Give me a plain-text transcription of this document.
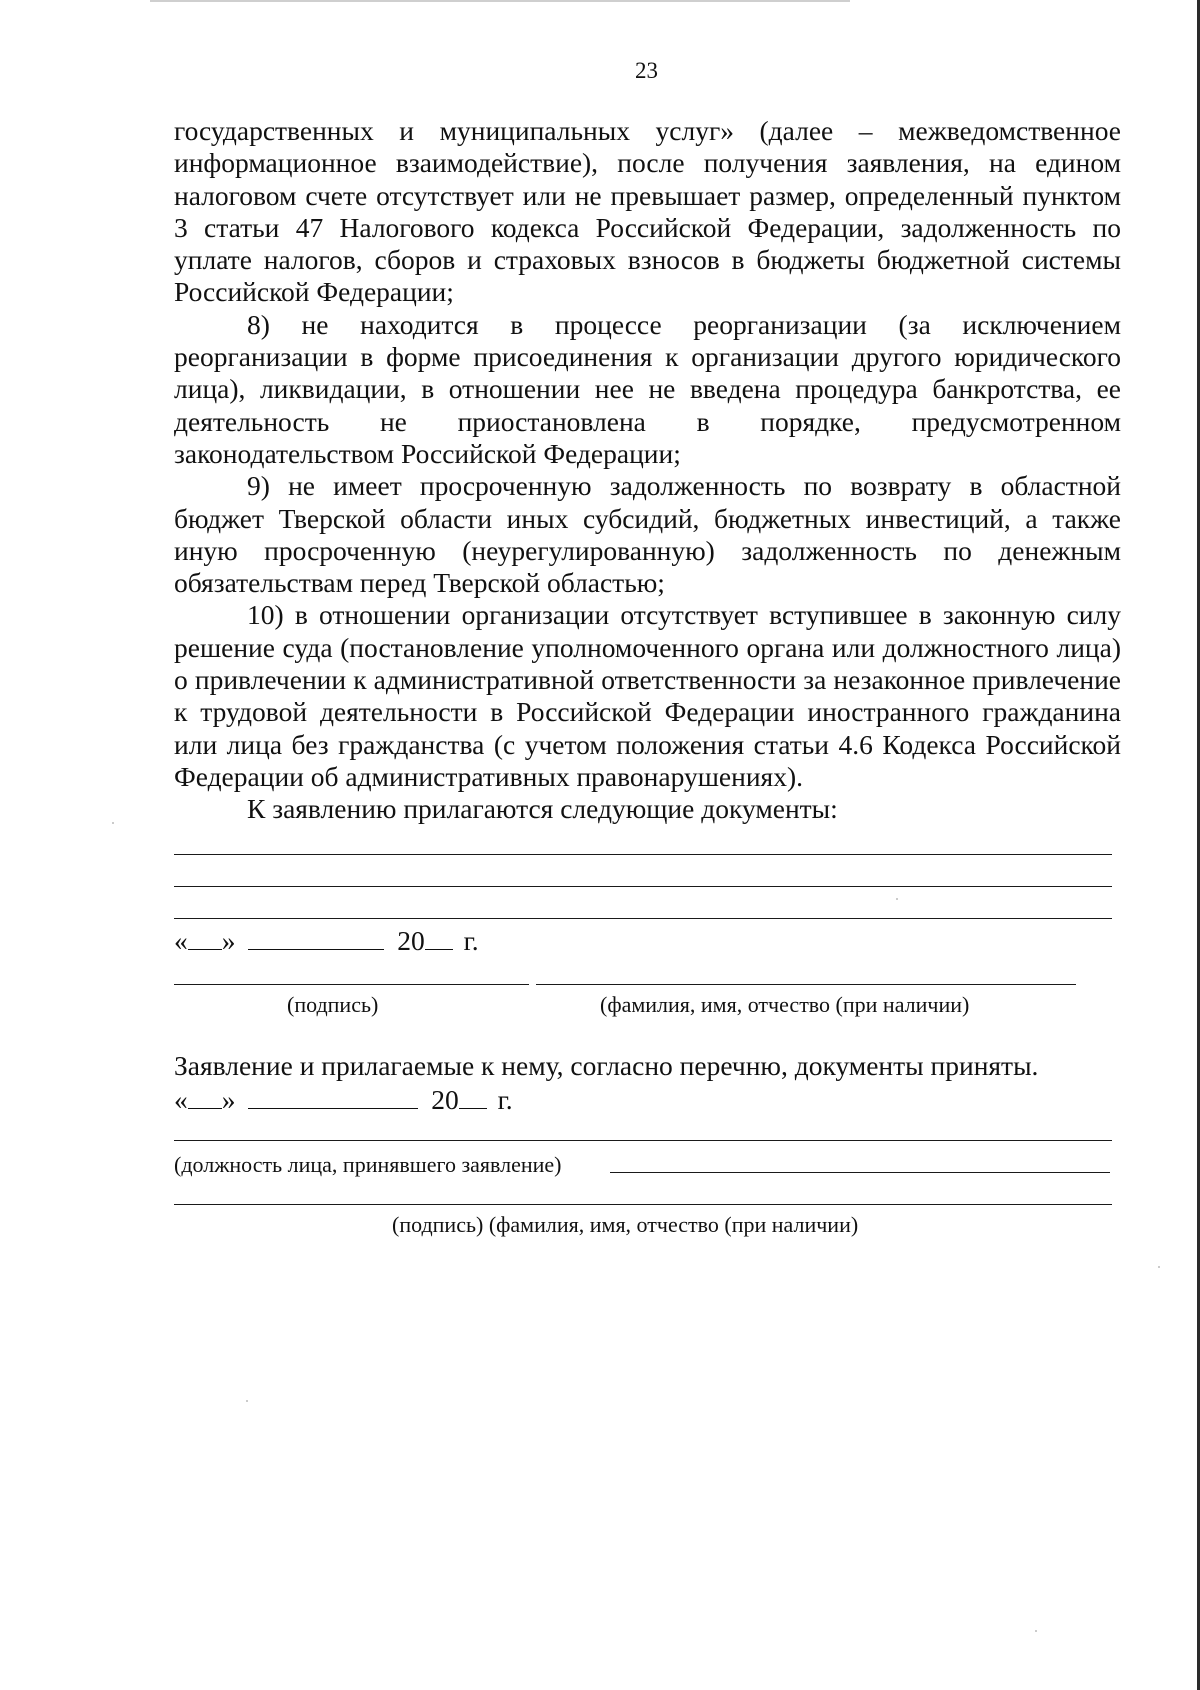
23

государственных и муниципальных услуг» (далее – межведомственное информационное взаимодействие), после получения заявления, на едином налоговом счете отсутствует или не превышает размер, определенный пунктом 3 статьи 47 Налогового кодекса Российской Федерации, задолженность по уплате налогов, сборов и страховых взносов в бюджеты бюджетной системы Российской Федерации;

8) не находится в процессе реорганизации (за исключением реорганизации в форме присоединения к организации другого юридического лица), ликвидации, в отношении нее не введена процедура банкротства, ее деятельность не приостановлена в порядке, предусмотренном законодательством Российской Федерации;

9) не имеет просроченную задолженность по возврату в областной бюджет Тверской области иных субсидий, бюджетных инвестиций, а также иную просроченную (неурегулированную) задолженность по денежным обязательствам перед Тверской областью;

10) в отношении организации отсутствует вступившее в законную силу решение суда (постановление уполномоченного органа или должностного лица) о привлечении к административной ответственности за незаконное привлечение к трудовой деятельности в Российской Федерации иностранного гражданина или лица без гражданства (с учетом положения статьи 4.6 Кодекса Российской Федерации об административных правонарушениях).

К заявлению прилагаются следующие документы:

« »	20 г.
(подпись)	(фамилия, имя, отчество (при наличии)
Заявление и прилагаемые к нему, согласно перечню, документы приняты.
« »	20 г.
(должность лица, принявшего заявление)
(подпись) (фамилия, имя, отчество (при наличии)
